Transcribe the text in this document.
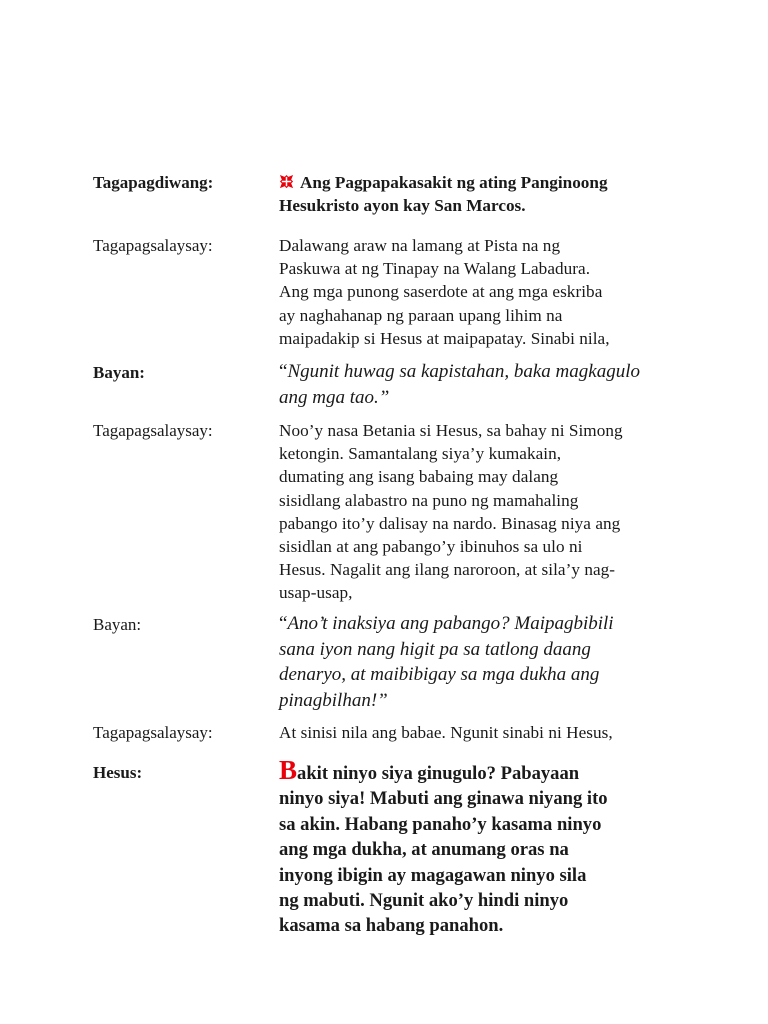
Tagapagdiwang:	Ang Pagpapakasakit ng ating Panginoong
Hesukristo ayon kay San Marcos.
Tagapagsalaysay:	Dalawang araw na lamang at Pista na ng
Paskuwa at ng Tinapay na Walang Labadura.
Ang mga punong saserdote at ang mga eskriba
ay naghahanap ng paraan upang lihim na
maipadakip si Hesus at maipapatay. Sinabi nila,
Bayan:	“Ngunit huwag sa kapistahan, baka magkagulo
ang mga tao.”
Tagapagsalaysay:	Noo’y nasa Betania si Hesus, sa bahay ni Simong
ketongin. Samantalang siya’y kumakain,
dumating ang isang babaing may dalang
sisidlang alabastro na puno ng mamahaling
pabango ito’y dalisay na nardo. Binasag niya ang
sisidlan at ang pabango’y ibinuhos sa ulo ni
Hesus. Nagalit ang ilang naroroon, at sila’y nag-
usap-usap,
Bayan:	“Ano’t inaksiya ang pabango? Maipagbibili
sana iyon nang higit pa sa tatlong daang
denaryo, at maibibigay sa mga dukha ang
pinagbilhan!”
Tagapagsalaysay:	At sinisi nila ang babae. Ngunit sinabi ni Hesus,
Hesus:	Bakit ninyo siya ginugulo? Pabayaan
ninyo siya! Mabuti ang ginawa niyang ito
sa akin. Habang panaho’y kasama ninyo
ang mga dukha, at anumang oras na
inyong ibigin ay magagawan ninyo sila
ng mabuti. Ngunit ako’y hindi ninyo
kasama sa habang panahon.
